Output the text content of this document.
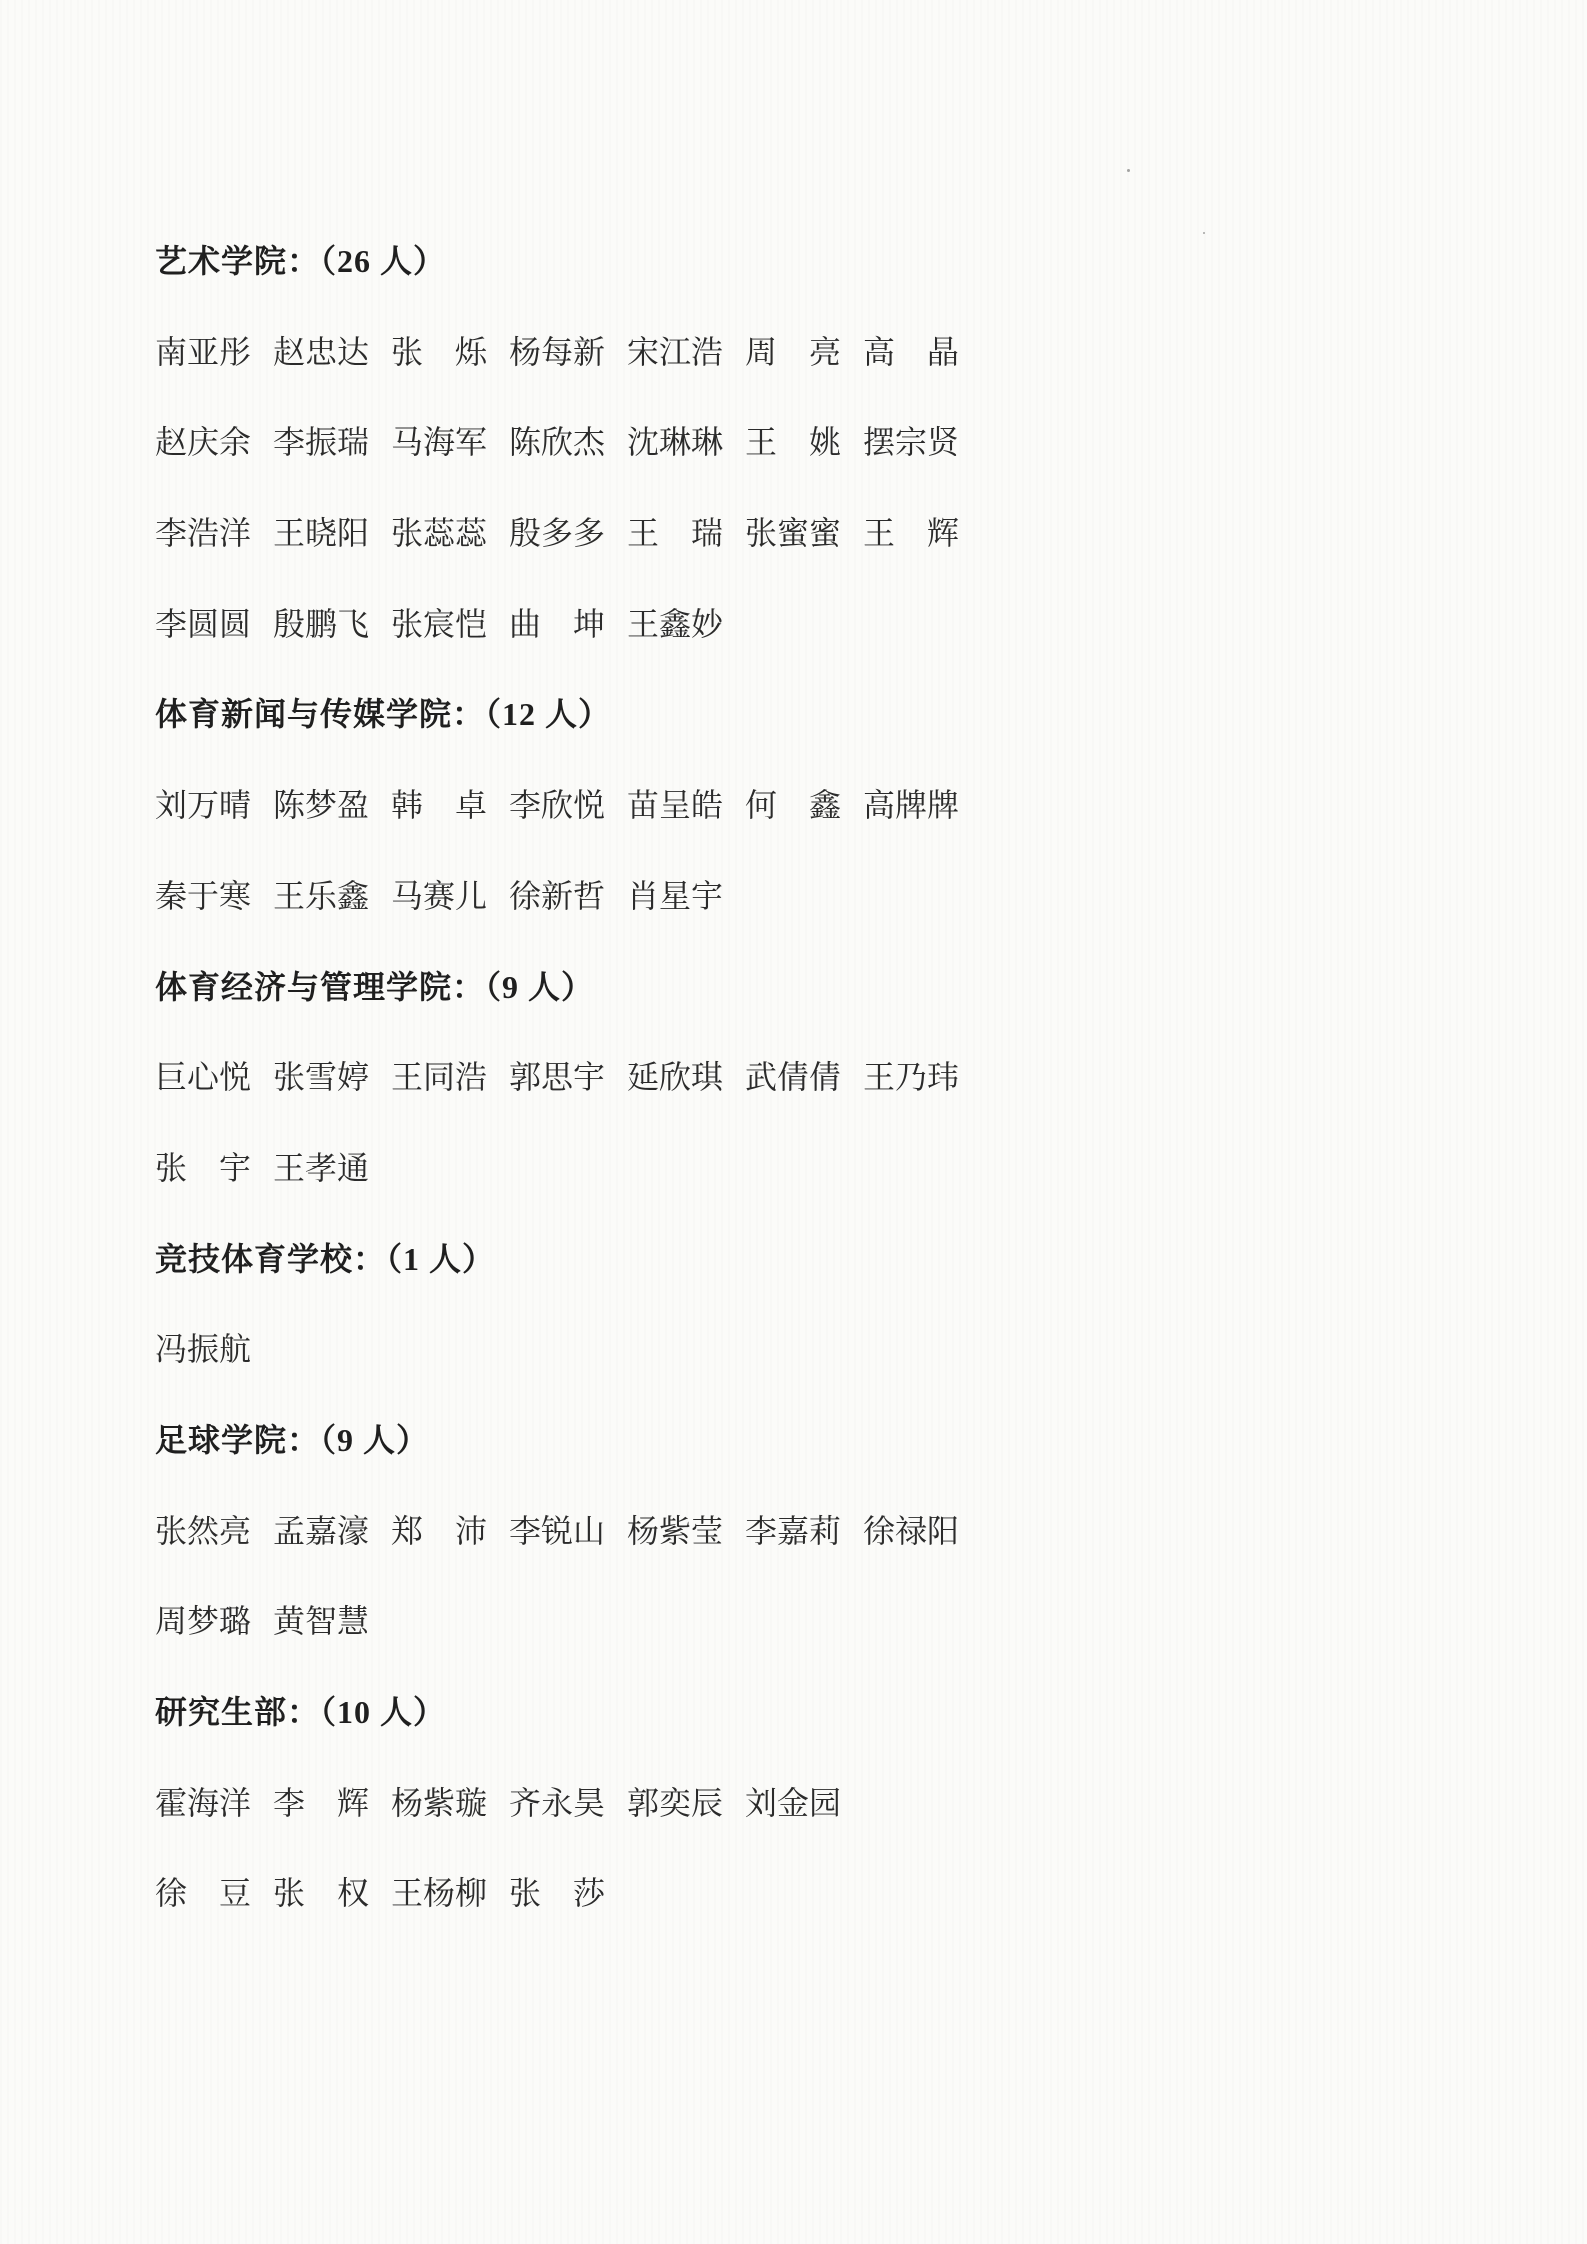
艺术学院：（26 人）
南亚彤 赵忠达 张　烁 杨每新 宋江浩 周　亮 高　晶
赵庆余 李振瑞 马海军 陈欣杰 沈琳琳 王　姚 摆宗贤
李浩洋 王晓阳 张蕊蕊 殷多多 王　瑞 张蜜蜜 王　辉
李圆圆 殷鹏飞 张宸恺 曲　坤 王鑫妙
体育新闻与传媒学院：（12 人）
刘万晴 陈梦盈 韩　卓 李欣悦 苗呈皓 何　鑫 高牌牌
秦于寒 王乐鑫 马赛儿 徐新哲 肖星宇
体育经济与管理学院：（9 人）
巨心悦 张雪婷 王同浩 郭思宇 延欣琪 武倩倩 王乃玮
张　宇 王孝通
竞技体育学校：（1 人）
冯振航
足球学院：（9 人）
张然亮 孟嘉濠 郑　沛 李锐山 杨紫莹 李嘉莉 徐禄阳
周梦璐 黄智慧
研究生部：（10 人）
霍海洋 李　辉 杨紫璇 齐永昊 郭奕辰 刘金园
徐　豆 张　权 王杨柳 张　莎
